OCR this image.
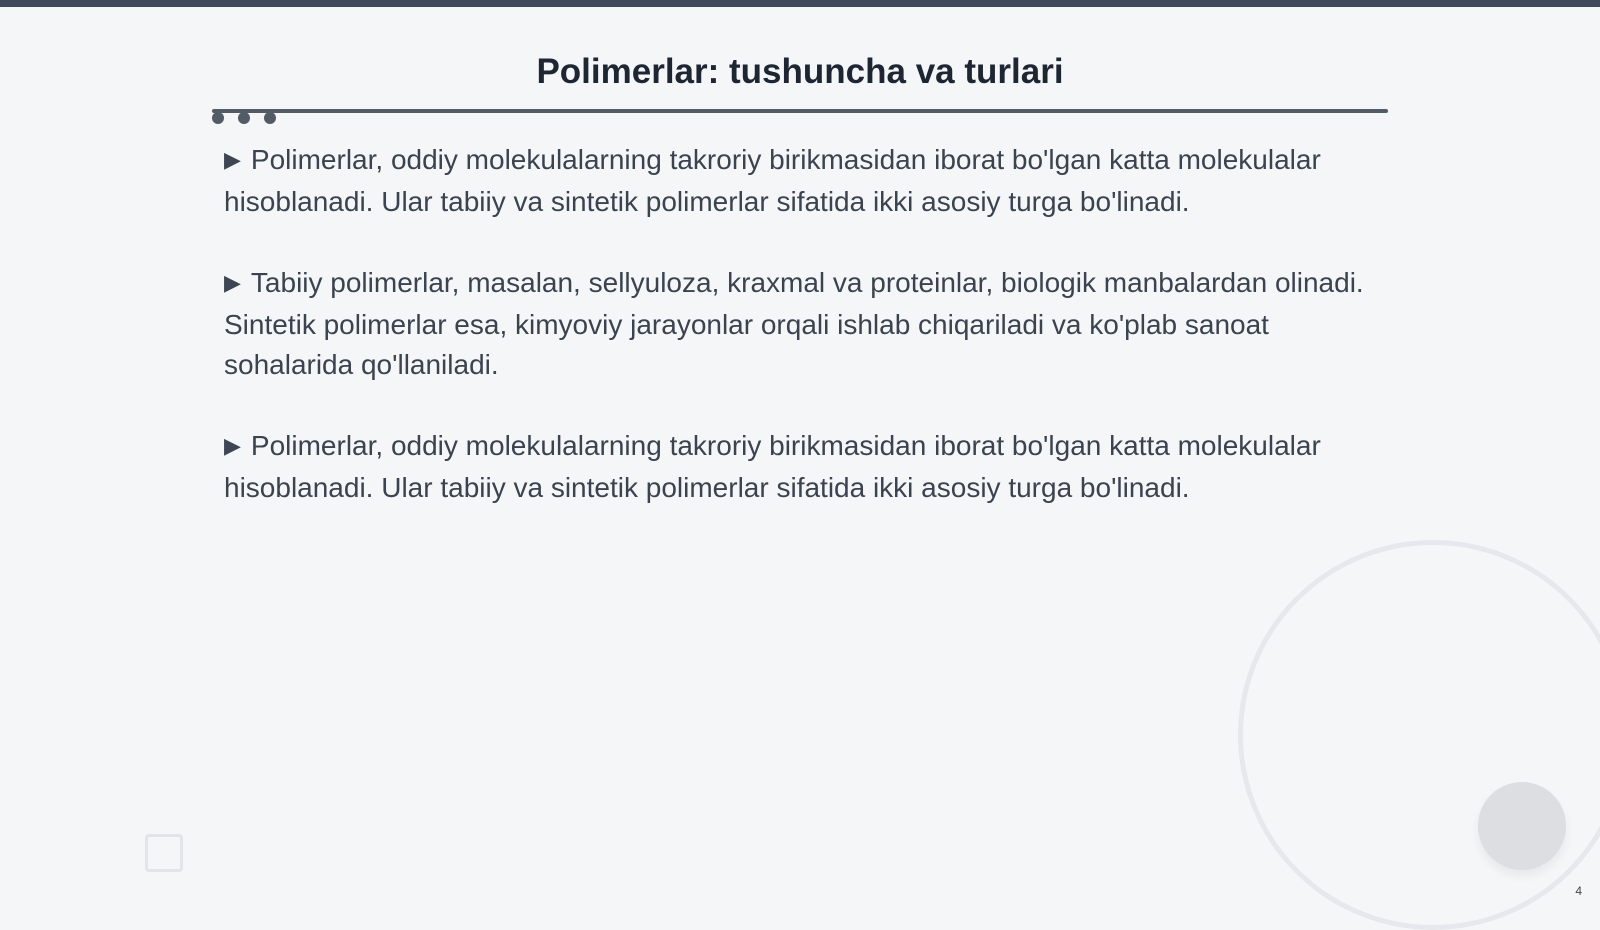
Polimerlar: tushuncha va turlari
▶ Polimerlar, oddiy molekulalarning takroriy birikmasidan iborat bo'lgan katta molekulalar hisoblanadi. Ular tabiiy va sintetik polimerlar sifatida ikki asosiy turga bo'linadi.
▶ Tabiiy polimerlar, masalan, sellyuloza, kraxmal va proteinlar, biologik manbalardan olinadi. Sintetik polimerlar esa, kimyoviy jarayonlar orqali ishlab chiqariladi va ko'plab sanoat sohalarida qo'llaniladi.
▶ Polimerlar, oddiy molekulalarning takroriy birikmasidan iborat bo'lgan katta molekulalar hisoblanadi. Ular tabiiy va sintetik polimerlar sifatida ikki asosiy turga bo'linadi.
4
